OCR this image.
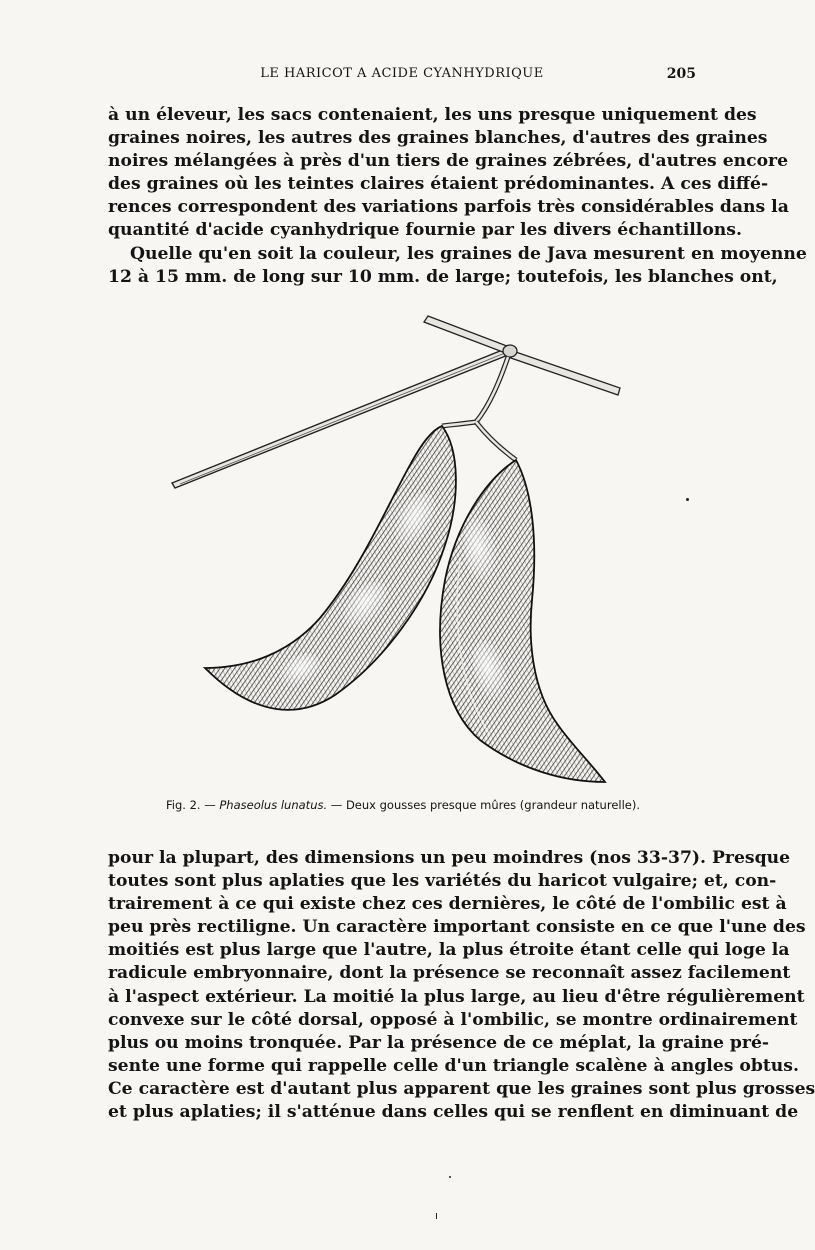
LE HARICOT A ACIDE CYANHYDRIQUE	205
à un éleveur, les sacs contenaient, les uns presque uniquement des
graines noires, les autres des graines blanches, d'autres des graines
noires mélangées à près d'un tiers de graines zébrées, d'autres encore
des graines où les teintes claires étaient prédominantes. A ces diffé-
rences correspondent des variations parfois très considérables dans la
quantité d'acide cyanhydrique fournie par les divers échantillons.
Quelle qu'en soit la couleur, les graines de Java mesurent en moyenne
12 à 15 mm. de long sur 10 mm. de large; toutefois, les blanches ont,
Fig. 2. — Phaseolus lunatus. — Deux gousses presque mûres (grandeur naturelle).
pour la plupart, des dimensions un peu moindres (nos 33-37). Presque
toutes sont plus aplaties que les variétés du haricot vulgaire; et, con-
trairement à ce qui existe chez ces dernières, le côté de l'ombilic est à
peu près rectiligne. Un caractère important consiste en ce que l'une des
moitiés est plus large que l'autre, la plus étroite étant celle qui loge la
radicule embryonnaire, dont la présence se reconnaît assez facilement
à l'aspect extérieur. La moitié la plus large, au lieu d'être régulièrement
convexe sur le côté dorsal, opposé à l'ombilic, se montre ordinairement
plus ou moins tronquée. Par la présence de ce méplat, la graine pré-
sente une forme qui rappelle celle d'un triangle scalène à angles obtus.
Ce caractère est d'autant plus apparent que les graines sont plus grosses
et plus aplaties; il s'atténue dans celles qui se renflent en diminuant de
